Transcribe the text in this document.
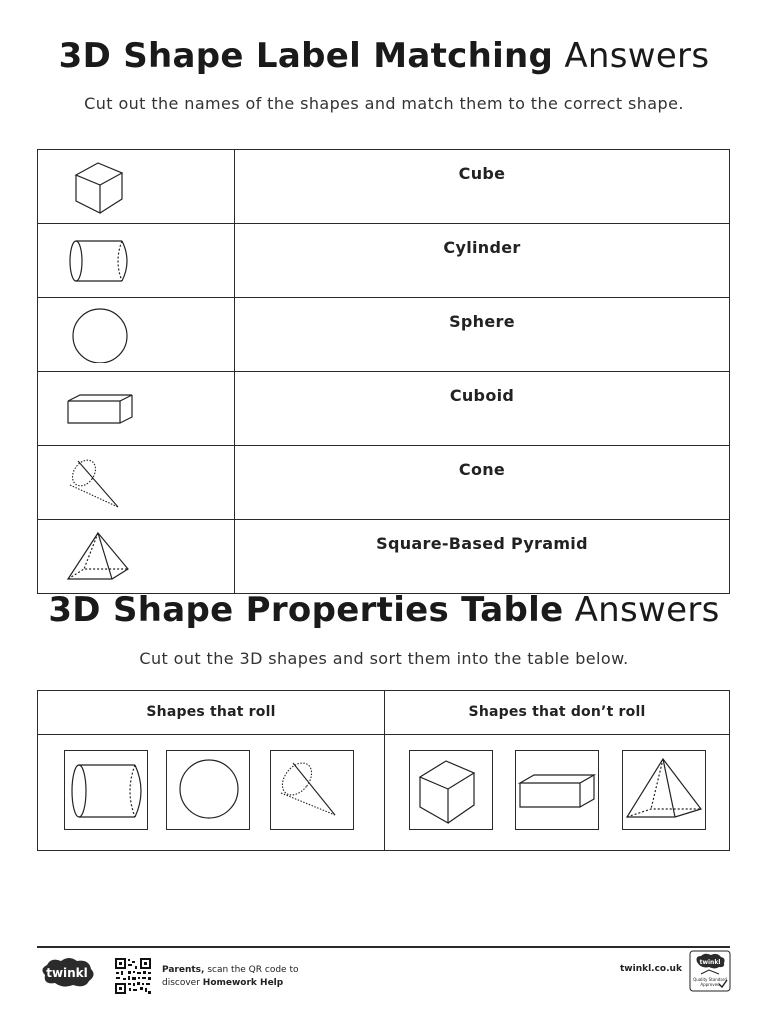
3D Shape Label Matching Answers
Cut out the names of the shapes and match them to the correct shape.
	Cube

	Cylinder

	Sphere

	Cuboid

	Cone

	Square-Based Pyramid
3D Shape Properties Table Answers
Cut out the 3D shapes and sort them into the table below.
Shapes that roll	Shapes that don’t roll
twinkl	Parents, scan the QR code to
discover Homework Help
twinkl.co.uk
twinkl
Quality Standard
Approved
